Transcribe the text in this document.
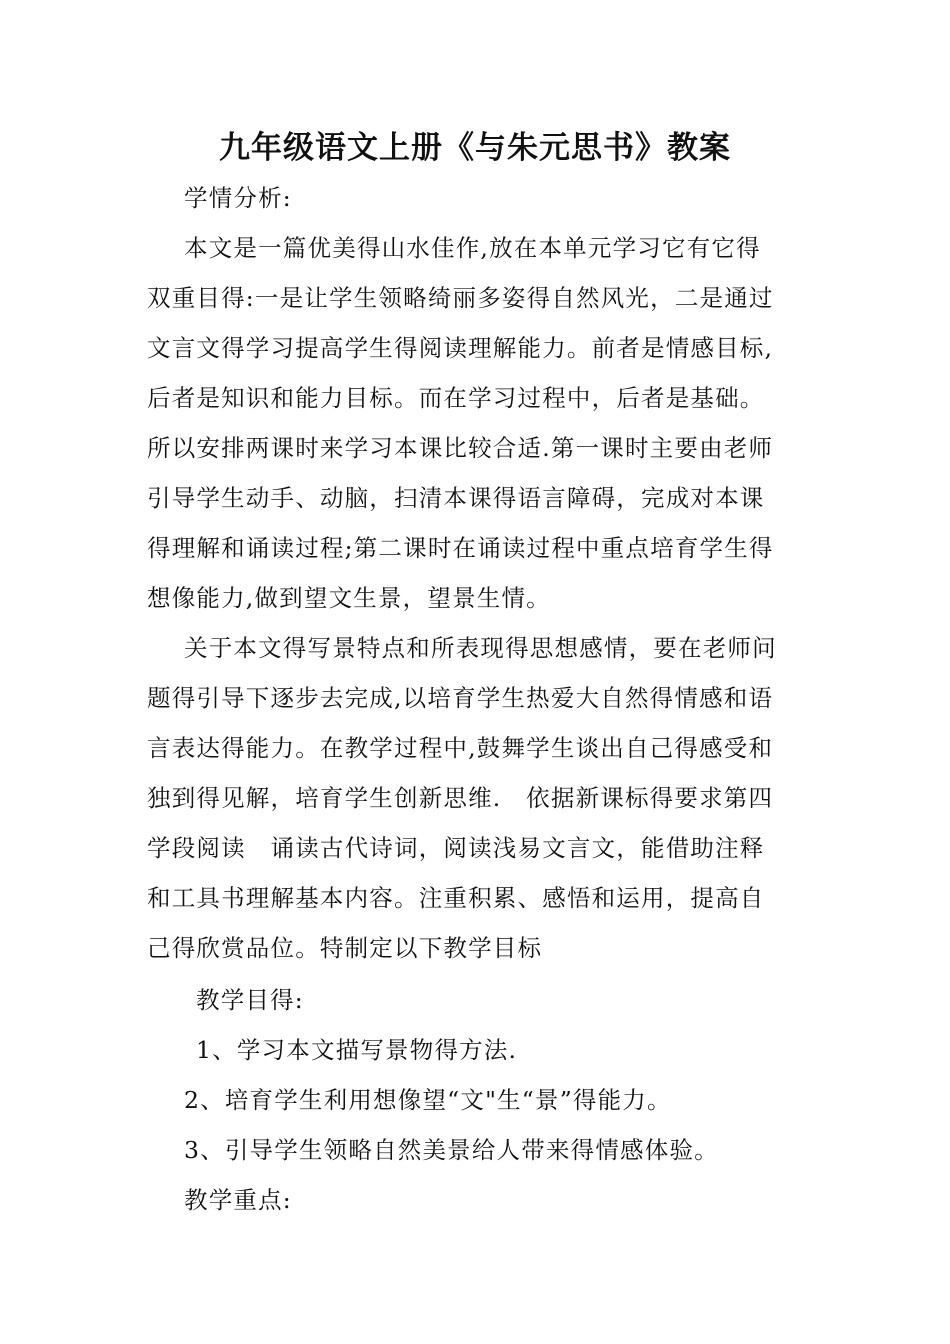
九年级语文上册《与朱元思书》教案
学情分析:
本文是一篇优美得山水佳作,放在本单元学习它有它得
双重目得:一是让学生领略绮丽多姿得自然风光，二是通过
文言文得学习提高学生得阅读理解能力。前者是情感目标,
后者是知识和能力目标。而在学习过程中，后者是基础。
所以安排两课时来学习本课比较合适.第一课时主要由老师
引导学生动手、动脑，扫清本课得语言障碍，完成对本课
得理解和诵读过程;第二课时在诵读过程中重点培育学生得
想像能力,做到望文生景，望景生情。
关于本文得写景特点和所表现得思想感情，要在老师问
题得引导下逐步去完成,以培育学生热爱大自然得情感和语
言表达得能力。在教学过程中,鼓舞学生谈出自己得感受和
独到得见解，培育学生创新思维.　依据新课标得要求第四
学段阅读　诵读古代诗词，阅读浅易文言文，能借助注释
和工具书理解基本内容。注重积累、感悟和运用，提高自
己得欣赏品位。特制定以下教学目标
教学目得:
1、学习本文描写景物得方法.
2、培育学生利用想像望“文"生“景”得能力。
3、引导学生领略自然美景给人带来得情感体验。
教学重点:
